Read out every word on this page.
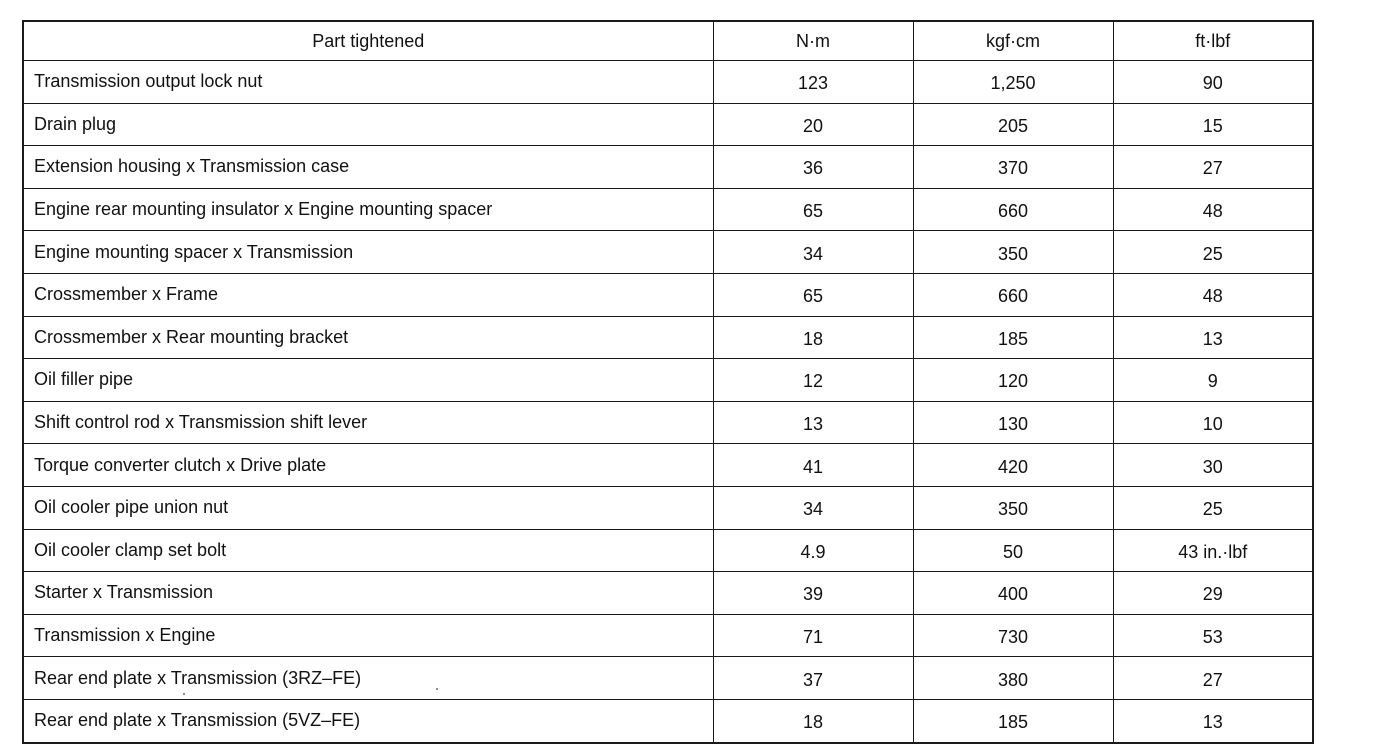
Part tightened	N·m	kgf·cm	ft·lbf
Transmission output lock nut	123	1,250	90
Drain plug	20	205	15
Extension housing x Transmission case	36	370	27
Engine rear mounting insulator x Engine mounting spacer	65	660	48
Engine mounting spacer x Transmission	34	350	25
Crossmember x Frame	65	660	48
Crossmember x Rear mounting bracket	18	185	13
Oil filler pipe	12	120	9
Shift control rod x Transmission shift lever	13	130	10
Torque converter clutch x Drive plate	41	420	30
Oil cooler pipe union nut	34	350	25
Oil cooler clamp set bolt	4.9	50	43 in.·lbf
Starter x Transmission	39	400	29
Transmission x Engine	71	730	53
Rear end plate x Transmission (3RZ–FE)	37	380	27
Rear end plate x Transmission (5VZ–FE)	18	185	13
